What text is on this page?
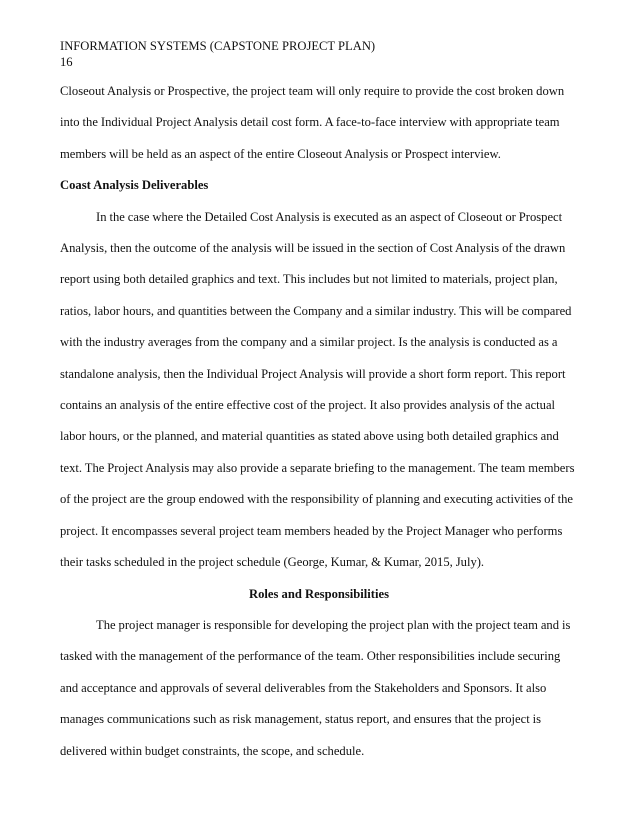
INFORMATION SYSTEMS (CAPSTONE PROJECT PLAN)

16

Closeout Analysis or Prospective, the project team will only require to provide the cost broken down into the Individual Project Analysis detail cost form. A face-to-face interview with appropriate team members will be held as an aspect of the entire Closeout Analysis or Prospect interview.

Coast Analysis Deliverables

In the case where the Detailed Cost Analysis is executed as an aspect of Closeout or Prospect Analysis, then the outcome of the analysis will be issued in the section of Cost Analysis of the drawn report using both detailed graphics and text. This includes but not limited to materials, project plan, ratios, labor hours, and quantities between the Company and a similar industry. This will be compared with the industry averages from the company and a similar project. Is the analysis is conducted as a standalone analysis, then the Individual Project Analysis will provide a short form report. This report contains an analysis of the entire effective cost of the project. It also provides analysis of the actual labor hours, or the planned, and material quantities as stated above using both detailed graphics and text. The Project Analysis may also provide a separate briefing to the management. The team members of the project are the group endowed with the responsibility of planning and executing activities of the project. It encompasses several project team members headed by the Project Manager who performs their tasks scheduled in the project schedule (George, Kumar, & Kumar, 2015, July).

Roles and Responsibilities

The project manager is responsible for developing the project plan with the project team and is tasked with the management of the performance of the team. Other responsibilities include securing and acceptance and approvals of several deliverables from the Stakeholders and Sponsors. It also manages communications such as risk management, status report, and ensures that the project is delivered within budget constraints, the scope, and schedule.
